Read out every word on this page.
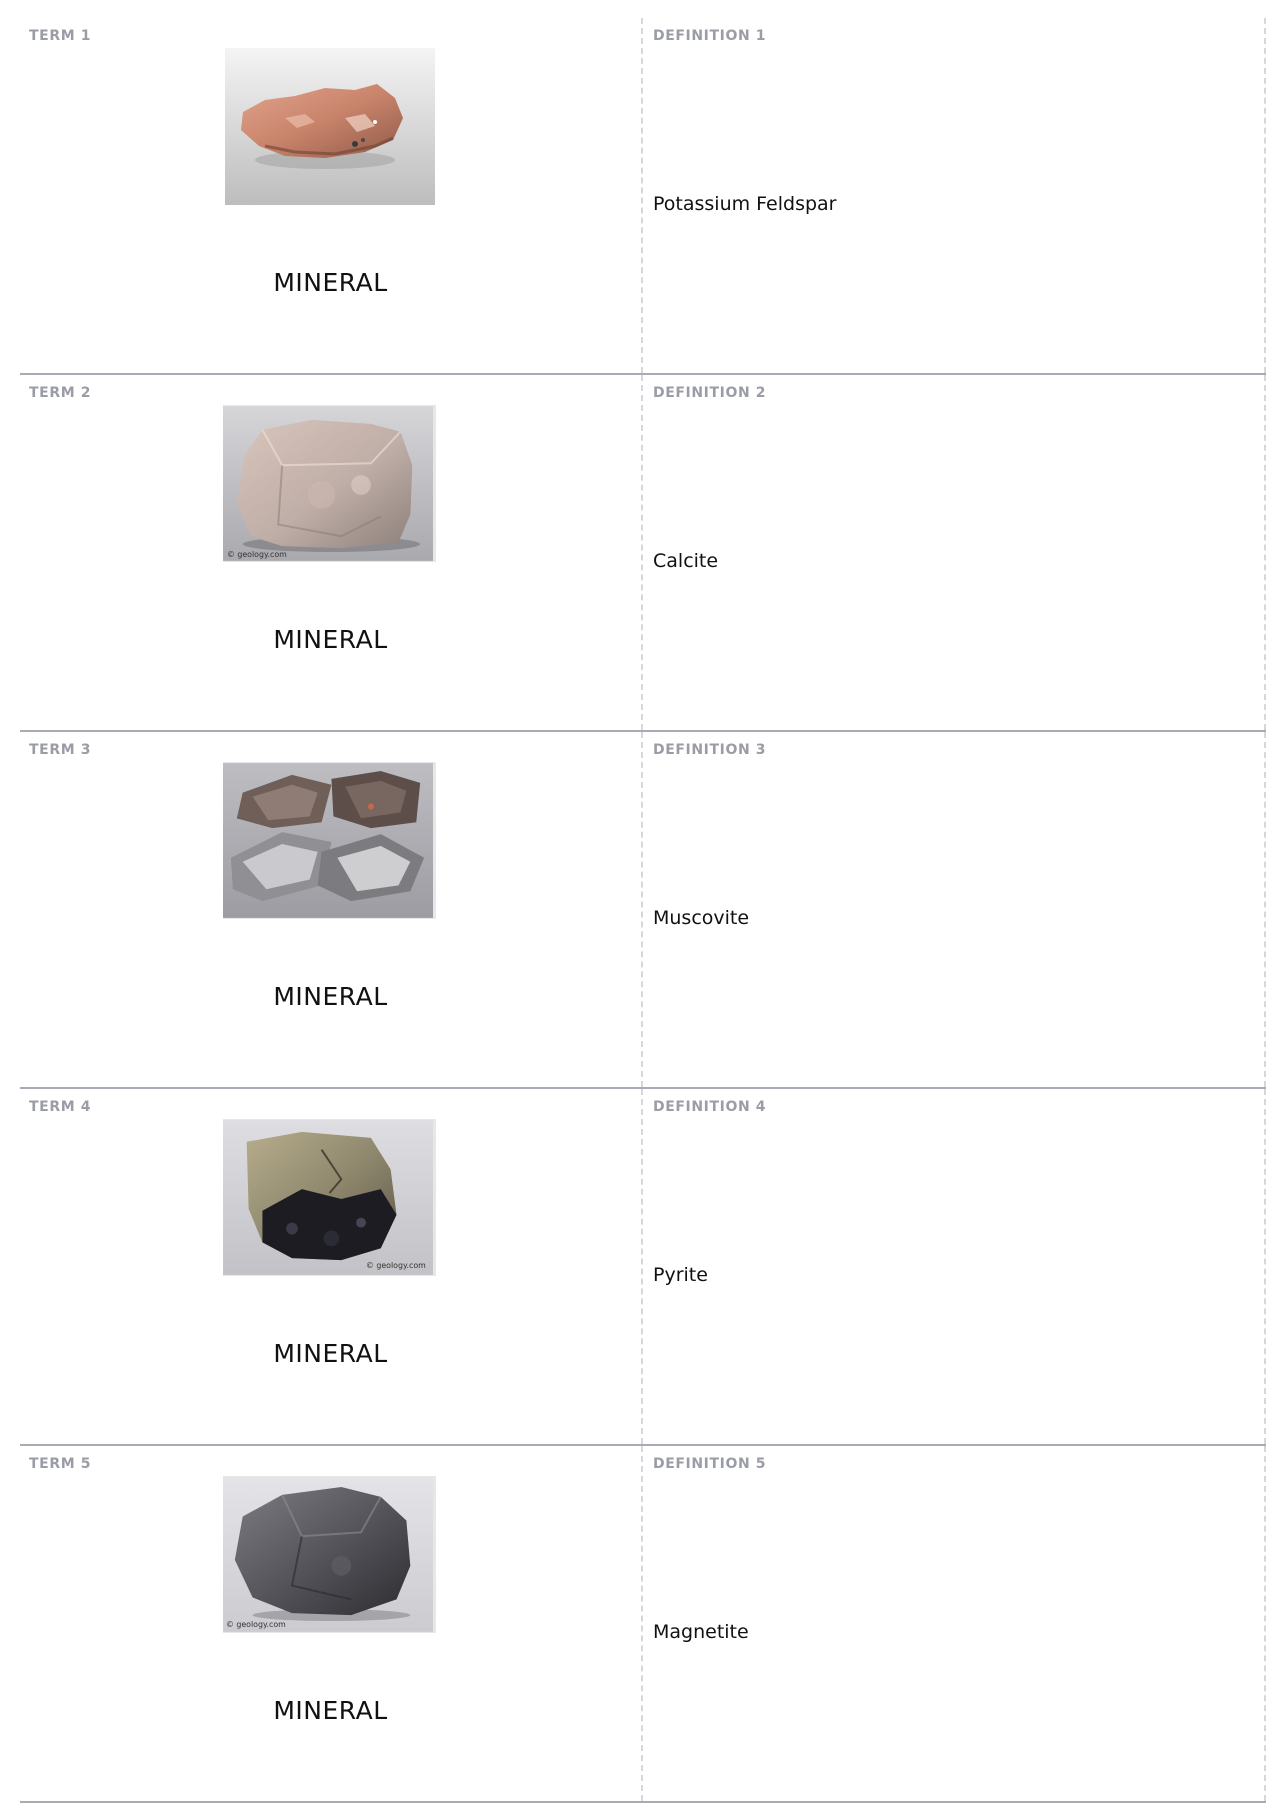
TERM 1
MINERAL
DEFINITION 1
Potassium Feldspar
TERM 2
© geology.com
MINERAL
DEFINITION 2
Calcite
TERM 3
MINERAL
DEFINITION 3
Muscovite
TERM 4
© geology.com
MINERAL
DEFINITION 4
Pyrite
TERM 5
© geology.com
MINERAL
DEFINITION 5
Magnetite
